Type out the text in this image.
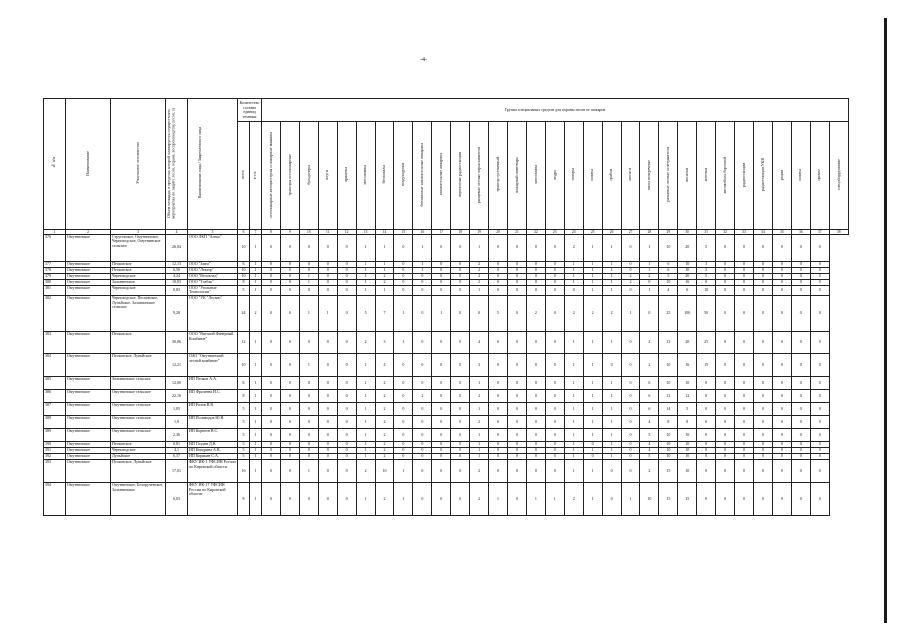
-4-
№ п/п	Наименование	Участковое лесничество	Объем площади, в пределах которой планируется осуществлять мероприятия по защите лесов, охране, воспроизводству лесов, га	Наименование лица / Закрепленного лица	Количество состава единиц техники		Группа специальных средств для охраны лесов от пожаров																														
					всего	в т.ч.	лесопожарные автоцистерны и пожарные машины	тракторы лесопожарные	бульдозеры	плуги	прицепы	мотопомпы	бензопилы	воздуходувки	бензиновые зажигательные аппараты	зажигательные аппараты	переносные радиостанции	ранцевые лесные опрыскиватели	трактор гусеничный	пожарный инвентарь	мотопомпа	ведро	топоры	лопаты	грабли	мотыги	пилы поперечные	ранцевые лесные огнетушители	носилки	аптечки	автомобиль бортовой	радиостанции	радиостанции УКВ	рации	лопаты	прочее	спецоборудование
1	2	3	4	5	6	7	8	9	10	11	12	13	14	15	16	17	18	19	20	21	22	23	24	25	26	27	28	29	30	31	32	33	34	35	36	37	38
376	Омутнинское	Струговское, Омутнинское, Черноходское, Омутнинское сельское	26,04	ООО ЛКП "Алеко"	10	1	0	0	0	0	0	1	1	0	1	0	0	1	0	0	0	0	2	1	1	0	1	10	20	5	0	0	0	0	0	0	
377	Омутнинское	Песковское	12,13	ООО "Заим"	6	1	0	0	0	0	0	1	1	0	1	0	0	2	0	0	0	0	1	1	1	0	1	6	10	3	0	0	0	0	0	0	
378	Омутнинское	Песковское	6,56	ООО "Лектор"	10	1	0	0	0	0	0	1	1	0	1	0	0	2	0	0	0	0	1	1	1	0	1	6	10	3	0	0	0	0	0	0	
379	Омутнинское	Черноходское	4,24	ООО "Велоклад"	10	1	0	0	1	0	0	1	2	0	0	0	0	2	0	0	0	0	1	1	1	2	2	5	20	5	0	0	0	0	0	0	
380	Омутнинское	Залазнинское	10,03	ООО "Тэлбэк"	8	1	0	0	1	0	0	1	2	0	0	0	0	2	0	0	0	0	1	1	1	2	0	10	16	0	0	0	0	0	0	0	
381	Омутнинское	Черноходское	0,83	ООО "Угольные Технологии"	5	1	0	0	0	0	0	1	1	0	0	0	0	1	0	0	0	0	0	1	1	0	1	4	6	10	0	0	0	0	0	0	
382	Омутнинское	Черноходское, Песковское, Лупьйское, Залазнинское сельское	9,28	ООО "УК "Лесыю"	24	2	0	0	1	1	0	5	7	1	0	1	0	0	5	0	2	0	2	2	2	1	0	25	100	50	0	0	0	0	0	0	
383	Омутнинское	Песковское	30,06	ООО "Вятский Фанерный Комбинат"	12	1	0	0	0	0	0	2	3	1	0	0	0	4	0	0	0	0	1	1	1	0	2	12	20	25	0	0	0	0	0	0	
384	Омутнинское	Песковское, Лупьйское	12,21	ОАО "Омутнинский лесной комбинат"	10	1	0	0	1	0	0	1	4	0	0	0	0	3	0	0	0	0	1	1	0	0	2	10	16	15	0	0	0	0	0	0	
385	Омутнинское	Залазнинское сельское	12,00	ИП Пепков А.А.	6	1	0	0	0	0	0	1	2	0	0	0	0	1	0	0	0	0	1	1	1	0	6	10	10	0	0	0	0	0	0	0	
386	Омутнинское	Омутнинское сельское	22,16	ИП Фролеева Н.С.	8	1	0	0	0	0	0	1	2	0	2	0	0	2	0	0	0	0	1	1	1	0	6	12	12	0	0	0	0	0	0	0	
387	Омутнинское	Омутнинское сельское	1,05	ИП Ралов В.В.	5	1	0	0	0	0	0	1	2	0	0	0	0	1	0	0	0	0	1	1	1	0	6	14	5	0	0	0	0	0	0	0	
388	Омутнинское	Омутнинское сельское	1,9	ИП Поливодов Ю.Н.	5	1	0	0	0	0	0	1	2	0	0	0	0	2	0	0	0	0	1	1	1	0	4	8	8	0	0	0	0	0	0	0	
389	Омутнинское	Омутнинское сельское	2,36	ИП Корнеев В.С.	5	1	0	0	0	0	0	1	2	0	0	0	0	1	0	0	0	0	1	1	1	0	5	10	10	0	0	0	0	0	0	0	
390	Омутнинское	Песковское	0,81	ИП Голдин Д.В.	5	1	0	0	0	0	0	1	2	0	0	0	0	1	0	0	0	0	1	0	1	0	4	10	10	0	0	0	0	0	0	0	
391	Омутнинское	Черноходское	4,1	ИП Кокорина А.В.	5	1	0	0	0	0	0	1	2	0	0	0	0	1	0	0	0	0	1	1	1	0	4	10	10	0	0	0	0	0	0	0	
392	Омутнинское	Лупьйское	6,37	ИП Корякин С.А.	5	1	0	0	0	0	0	1	2	0	0	0	0	1	0	0	0	0	1	0	1	0	5	10	10	0	0	0	0	0	0	0	
393	Омутнинское	Песковское, Лупьйское	17,01	ФКУ ИК-1 УФСИН России по Кировской области	16	1	0	0	1	0	0	2	10	1	0	0	0	2	0	0	0	0	1	1	0	0	2	15	10	0	0	0	0	0	0	0	
394	Омутнинское	Омутнинское, Белорученское, Залазнинское	6,03	ФКУ ИК-17 УФСИН России по Кировской области	8	1	0	0	0	0	0	1	2	1	0	0	0	2	1	0	1	1	2	1	0	1	10	15	15	0	0	0	0	0	0	0	
